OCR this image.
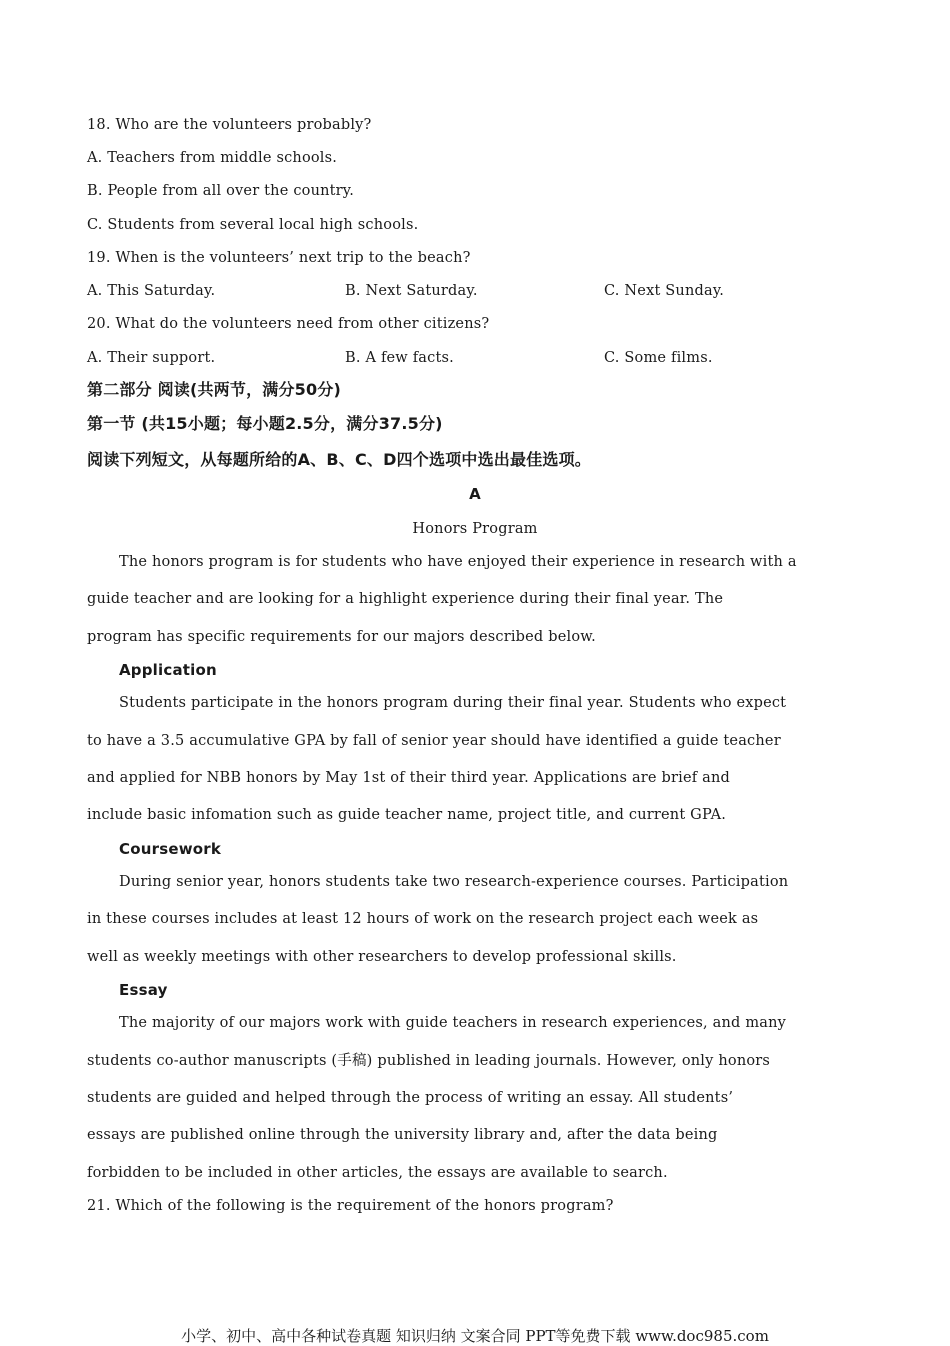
18. Who are the volunteers probably?
A. Teachers from middle schools.
B. People from all over the country.
C. Students from several local high schools.
19. When is the volunteers’ next trip to the beach?
A. This Saturday.	B. Next Saturday.	C. Next Sunday.
20. What do the volunteers need from other citizens?
A. Their support.	B. A few facts.	C. Some films.
第二部分 阅读(共两节，满分50分)
第一节 (共15小题；每小题2.5分，满分37.5分)
阅读下列短文，从每题所给的A、B、C、D四个选项中选出最佳选项。
A
Honors Program
The honors program is for students who have enjoyed their experience in research with a
guide teacher and are looking for a highlight experience during their final year. The
program has specific requirements for our majors described below.
Application
Students participate in the honors program during their final year. Students who expect
to have a 3.5 accumulative GPA by fall of senior year should have identified a guide teacher
and applied for NBB honors by May 1st of their third year. Applications are brief and
include basic infomation such as guide teacher name, project title, and current GPA.
Coursework
During senior year, honors students take two research-experience courses. Participation
in these courses includes at least 12 hours of work on the research project each week as
well as weekly meetings with other researchers to develop professional skills.
Essay
The majority of our majors work with guide teachers in research experiences, and many
students co-author manuscripts (手稿) published in leading journals. However, only honors
students are guided and helped through the process of writing an essay. All students’
essays are published online through the university library and, after the data being
forbidden to be included in other articles, the essays are available to search.
21. Which of the following is the requirement of the honors program?
小学、初中、高中各种试卷真题 知识归纳 文案合同 PPT等免费下载 www.doc985.com
